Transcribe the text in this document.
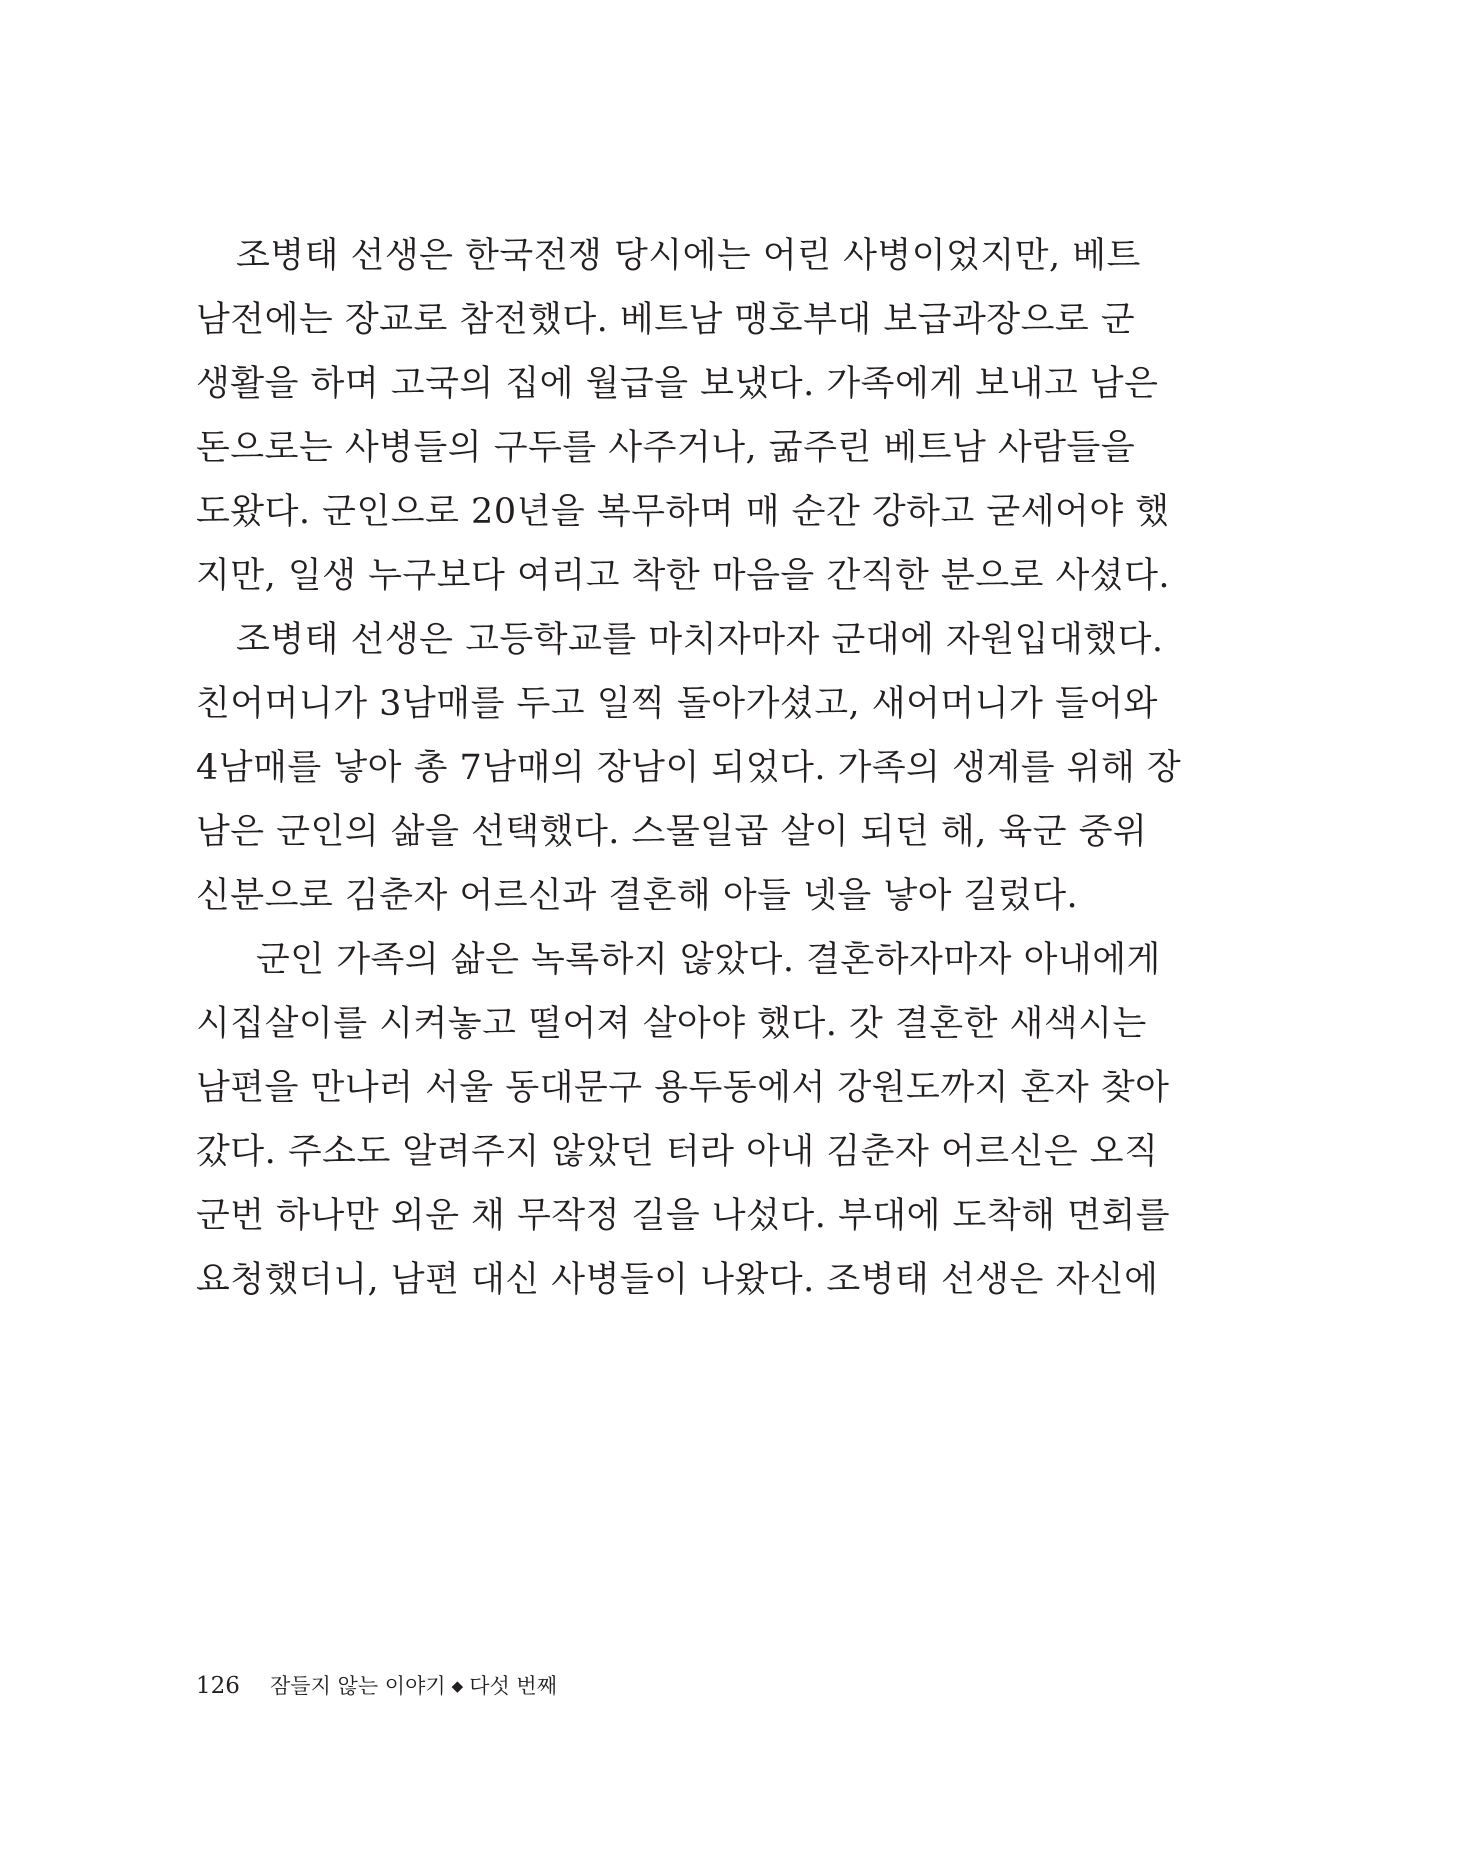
조병태 선생은 한국전쟁 당시에는 어린 사병이었지만, 베트
남전에는 장교로 참전했다. 베트남 맹호부대 보급과장으로 군
생활을 하며 고국의 집에 월급을 보냈다. 가족에게 보내고 남은
돈으로는 사병들의 구두를 사주거나, 굶주린 베트남 사람들을
도왔다. 군인으로 20년을 복무하며 매 순간 강하고 굳세어야 했
지만, 일생 누구보다 여리고 착한 마음을 간직한 분으로 사셨다.
조병태 선생은 고등학교를 마치자마자 군대에 자원입대했다.
친어머니가 3남매를 두고 일찍 돌아가셨고, 새어머니가 들어와
4남매를 낳아 총 7남매의 장남이 되었다. 가족의 생계를 위해 장
남은 군인의 삶을 선택했다. 스물일곱 살이 되던 해, 육군 중위
신분으로 김춘자 어르신과 결혼해 아들 넷을 낳아 길렀다.
군인 가족의 삶은 녹록하지 않았다. 결혼하자마자 아내에게
시집살이를 시켜놓고 떨어져 살아야 했다. 갓 결혼한 새색시는
남편을 만나러 서울 동대문구 용두동에서 강원도까지 혼자 찾아
갔다. 주소도 알려주지 않았던 터라 아내 김춘자 어르신은 오직
군번 하나만 외운 채 무작정 길을 나섰다. 부대에 도착해 면회를
요청했더니, 남편 대신 사병들이 나왔다. 조병태 선생은 자신에
126 잠들지 않는 이야기 ◆ 다섯 번째
